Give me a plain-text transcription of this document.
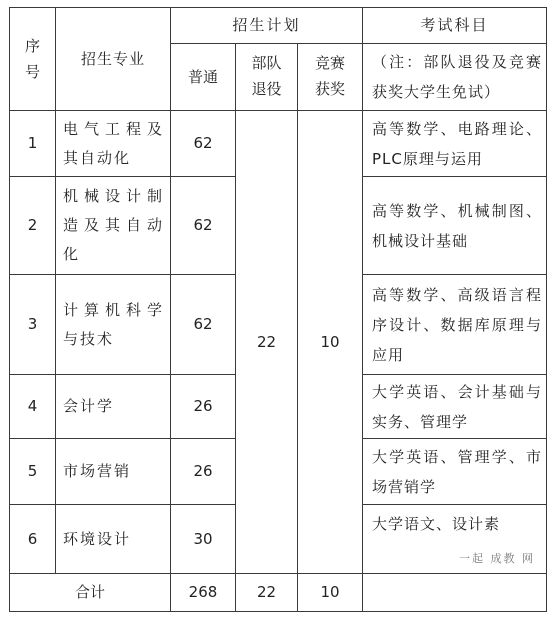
序号	招生专业	招生计划			考试科目
		普通	部队退役	竞赛获奖	（注：部队退役及竞赛获奖大学生免试）
1	电气工程及其自动化	62	22	10	高等数学、电路理论、PLC原理与运用
2	机械设计制造及其自动化	62			高等数学、机械制图、机械设计基础
3	计算机科学与技术	62			高等数学、高级语言程序设计、数据库原理与应用
4	会计学	26			大学英语、会计基础与实务、管理学
5	市场营销	26			大学英语、管理学、市场营销学
6	环境设计	30			大学语文、设计素
合计		268	22	10	
一起 成教 网
